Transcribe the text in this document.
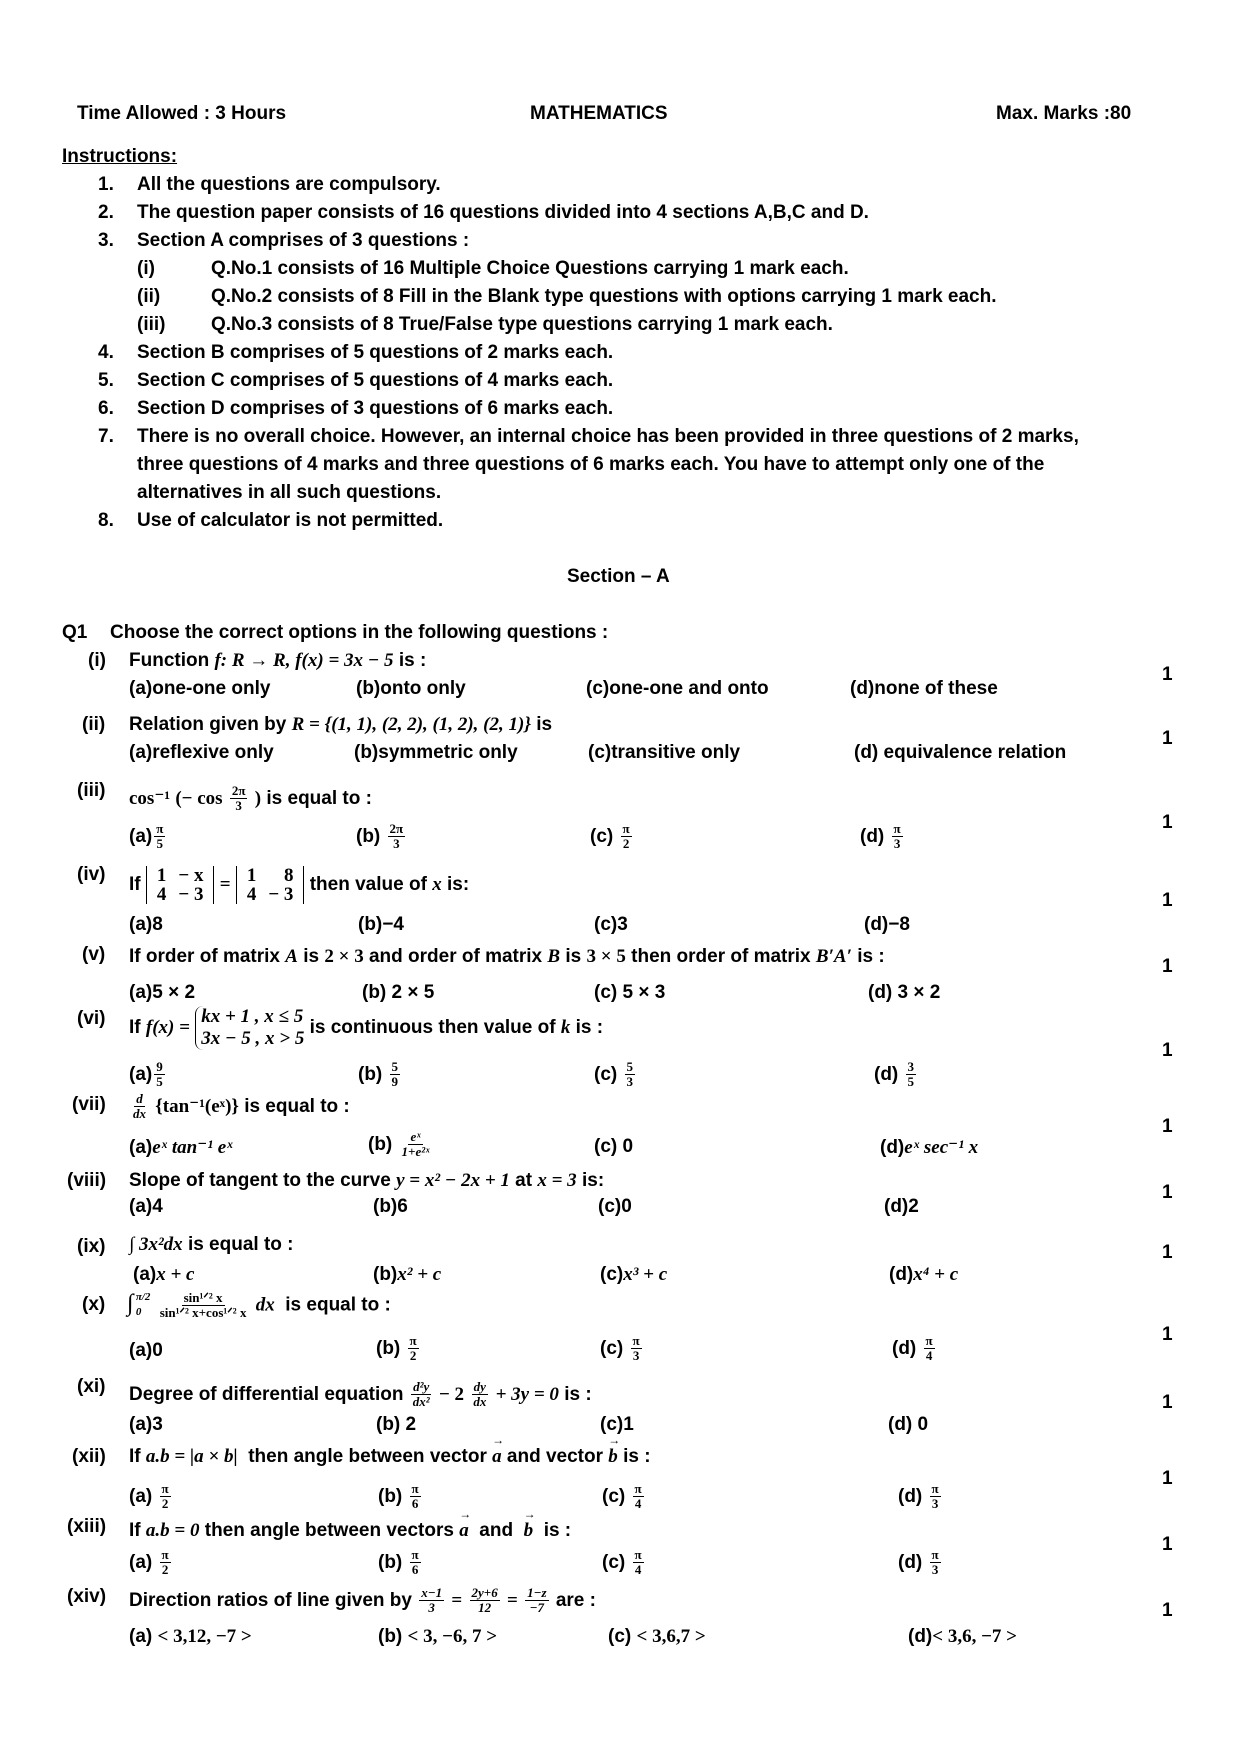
Time Allowed : 3 Hours	MATHEMATICS	Max. Marks :80
Instructions:
1. All the questions are compulsory.
2. The question paper consists of 16 questions divided into 4 sections A,B,C and D.
3. Section A comprises of 3 questions :
(i)	Q.No.1 consists of 16 Multiple Choice Questions carrying 1 mark each.
(ii)	Q.No.2 consists of 8 Fill in the Blank type questions with options carrying 1 mark each.
(iii) Q.No.3 consists of 8 True/False type questions carrying 1 mark each.
4. Section B comprises of 5 questions of 2 marks each.
5. Section C comprises of 5 questions of 4 marks each.
6. Section D comprises of 3 questions of 6 marks each.
7. There is no overall choice. However, an internal choice has been provided in three questions of 2 marks,
three questions of 4 marks and three questions of 6 marks each. You have to attempt only one of the
alternatives in all such questions.
8. Use of calculator is not permitted.
Section – A
Q1 Choose the correct options in the following questions :
(i) Function f: R → R, f(x) = 3x − 5 is :
(a)one-one only	(b)onto only	(c)one-one and onto	(d)none of these
1
(ii) Relation given by R = {(1, 1), (2, 2), (1, 2), (2, 1)} is
(a)reflexive only	(b)symmetric only	(c)transitive only	(d) equivalence relation
1
(iii) cos⁻¹ (− $\cos \frac{2\pi}{3}$ ) is equal to :
$(a) \frac{\pi}{5}$	$(b) \frac{2\pi}{3}$	$(c) \frac{\pi}{2}$	$(d) \frac{\pi}{3}$	1
(iv) If 1	− x
4	− 3 = 1	8
4	− 3 then value of x is:
(a)8	(b)−4	(c)3	(d)−8
1
(v) If order of matrix A is 2 × 3 and order of matrix B is 3 × 5 then order of matrix B′A′ is :
(a)5 × 2	(b) 2 × 5	(c) 5 × 3	(d) 3 × 2
1
(vi) If f(x) = kx + 1 , x ≤ 5
3x − 5 , x > 5 is continuous then value of k is :
$(a) \frac{9}{5}$	$(b) \frac{5}{9}$	$(c) \frac{5}{3}$	$(d) \frac{3}{5}$
1
$(vii) \frac{d}{dx}$ {tan⁻¹(eˣ)} is equal to :
(a)eˣ tan⁻¹ eˣ	$(b) \frac{\text{eˣ}}{\text{1+e²ˣ}}$	(c) 0	(d)eˣ sec⁻¹ x
1
(viii) Slope of tangent to the curve y = x² − 2x + 1 at x = 3 is:
(a)4	(b)6	(c)0	(d)2
1
(ix) ∫ 3x²dx is equal to :
(a)x + c	(b)x² + c	(c)x³ + c	(d)x⁴ + c
1
(x) ∫ π/2
0
	$\frac{\text{sin¹ᐟ² x}}{\text{sin¹ᐟ² x+cos¹ᐟ² x}}$ dx is equal to :
(a)0	$(b) \frac{\pi}{2}$	$(c) \frac{\pi}{3}$	$(d) \frac{\pi}{4}$	1
(xi) Degree of differential equation $\frac{\text{d²y}}{\text{dx²}} - 2 \frac{dy}{dx} + 3y = 0$ is :
(a)3	(b) 2	(c)1	(d) 0
1
(xii) If a.b = |a × b| then angle between vector → a and vector → b is :
$(a) \frac{\pi}{2}$	$(b) \frac{\pi}{6}$	$(c) \frac{\pi}{4}$	$(d) \frac{\pi}{3}$
1
(xiii) If a.b = 0 then angle between vectors → a and → b is :
$(a) \frac{\pi}{2}$	$(b) \frac{\pi}{6}$	$(c) \frac{\pi}{4}$	$(d) \frac{\pi}{3}$
1
(xiv) Direction ratios of line given by $\frac{x-1}{3} = \frac{2y+6}{12} = \frac{1-z}{-7}$ are :
(a) < 3,12, −7 >	(b) < 3, −6, 7 >	(c) < 3,6,7 >	(d)< 3,6, −7 >
1
